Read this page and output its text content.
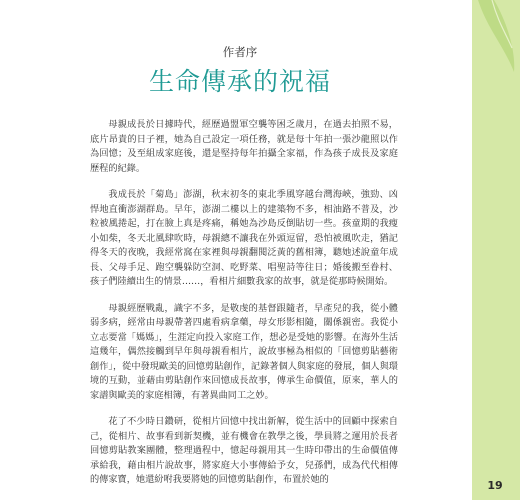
作者序
生命傳承的祝福

母親成長於日據時代，經歷過盟軍空襲等困乏歲月，在過去拍照不易，底片昂貴的日子裡，她為自己設定一項任務，就是每十年拍一張沙龍照以作為回憶；及至組成家庭後，還是堅持每年拍攝全家福，作為孩子成長及家庭歷程的紀錄。

我成長於「菊島」澎湖，秋末初冬的東北季風穿越台灣海峽，強勁、凶悍地直衝澎湖群島。早年，澎湖二樓以上的建築物不多，相油路不普及，沙粒被風捲起，打在臉上真是疼痛，稱她為沙島反倒貼切一些。孩童期的我瘦小如柴，冬天北風肆吹時，母親總不讓我在外頭逗留，恐怕被風吹走，猶記得冬天的夜晚，我經常窩在家裡與母親翻閱泛黃的舊相簿，聽她述說童年成長、父母手足、跑空襲躲防空洞、吃野菜、唱聖詩等往日；婚後搬至眷村、孩子們陸續出生的情景……，看相片細數我家的故事，就是從那時候開始。

母親經歷戰亂，識字不多，是敬虔的基督跟隨者，早產兒的我，從小體弱多病，經常由母親帶著四處看病拿藥，母女形影相隨，關係親密。我從小立志要當「媽媽」，生涯定向投入家庭工作，想必是受她的影響。在海外生活這幾年，偶然接觸到早年與母親看相片，說故事極為相似的「回憶剪貼藝術創作」，從中發現歐美的回憶剪貼創作，記錄著個人與家庭的發展，個人與環境的互動，並藉由剪貼創作來回憶成長故事，傳承生命價值，原來，華人的家譜與歐美的家庭相簿，有著異曲同工之妙。

花了不少時日鑽研，從相片回憶中找出新解，從生活中的回顧中探索自己，從相片、故事看到新契機，並有機會在教學之後，學員將之運用於長者回憶剪貼教案團體，整理過程中，憶起母親用其一生時印帶出的生命價值傳承給我，藉由相片說故事，將家庭大小事傳給予女，兒孫們，成為代代相傳的傳家寶，她還紛咐我要將她的回憶剪貼創作，布置於她的	19
